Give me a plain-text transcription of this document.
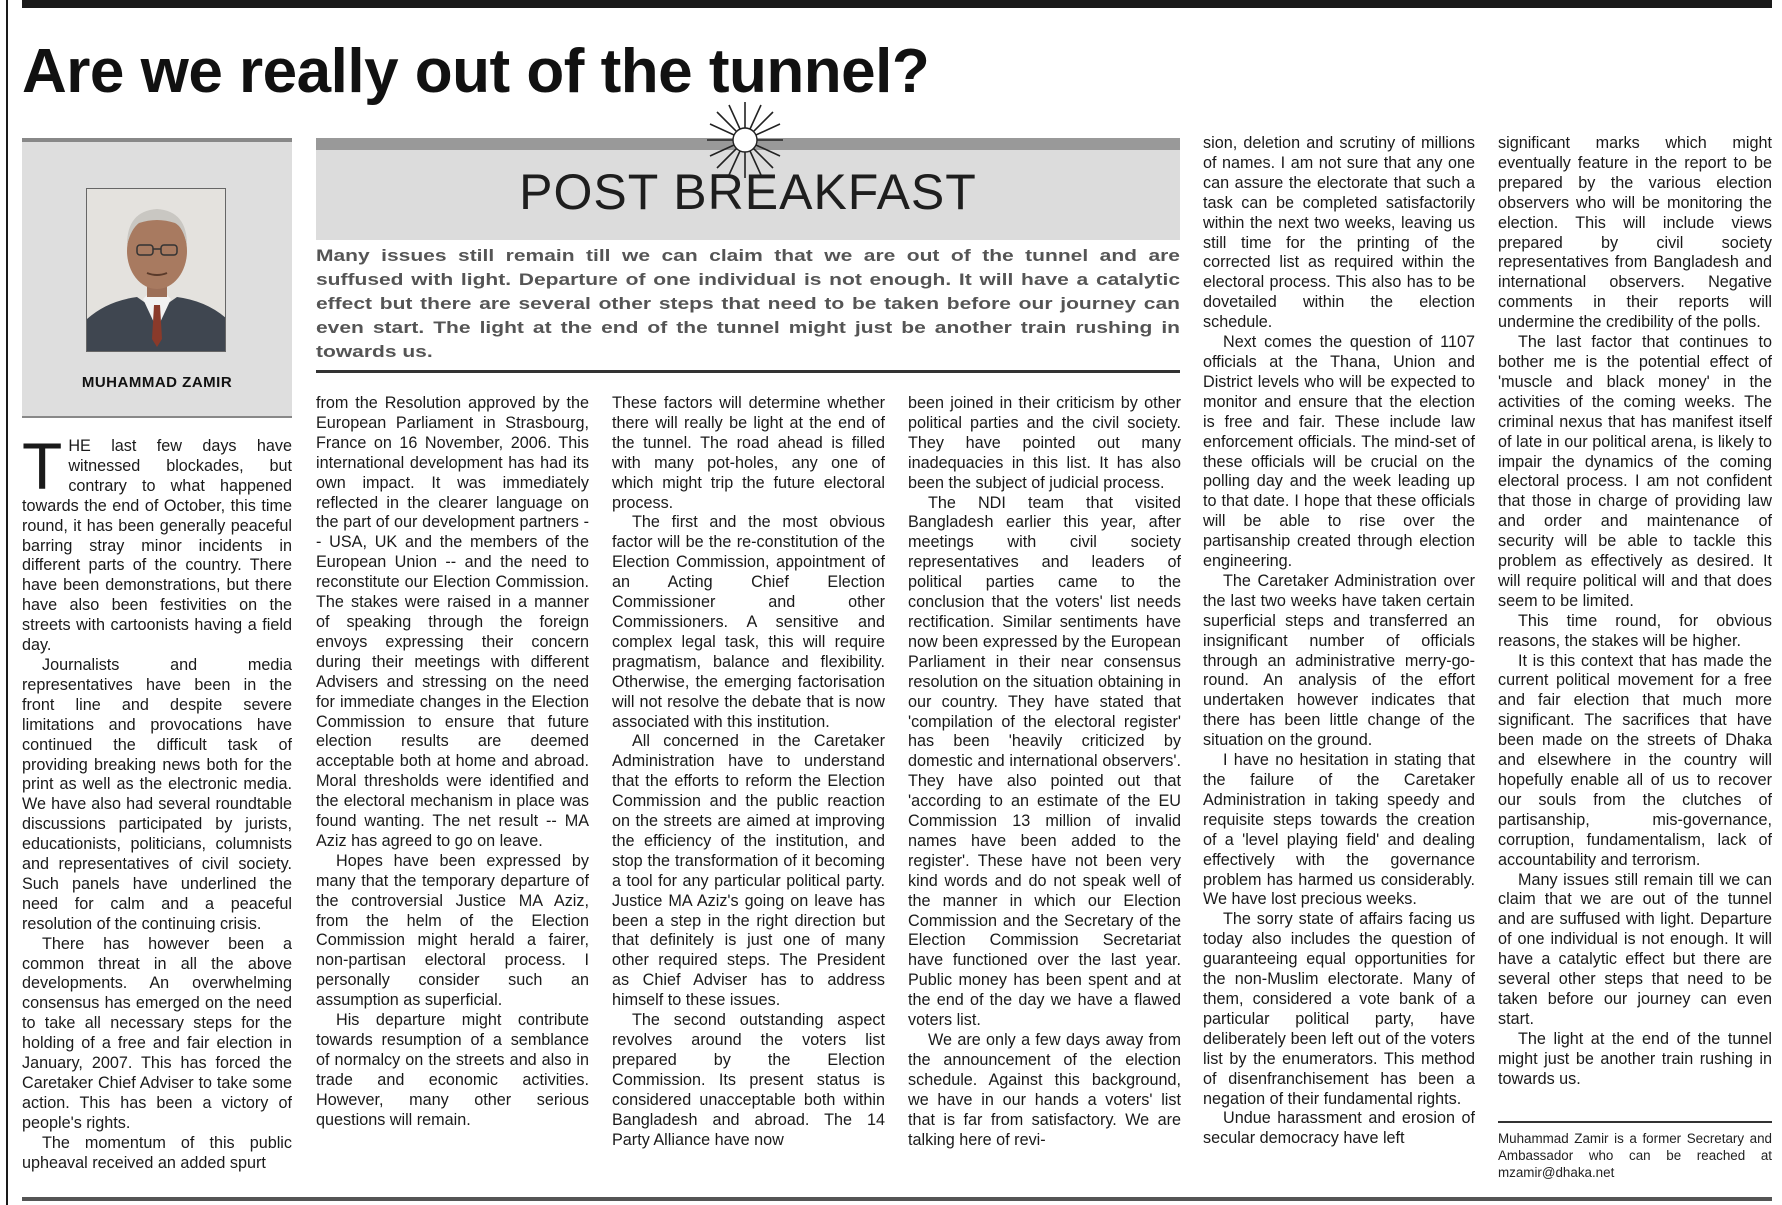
Are we really out of the tunnel?
MUHAMMAD ZAMIR
POST BREAKFAST
Many issues still remain till we can claim that we are out of the tunnel and are suffused with light. Departure of one individual is not enough. It will have a catalytic effect but there are several other steps that need to be taken before our journey can even start. The light at the end of the tunnel might just be another train rushing in towards us.

THE last few days have witnessed blockades, but contrary to what happened towards the end of October, this time round, it has been generally peaceful barring stray minor incidents in different parts of the country. There have been demonstrations, but there have also been festivities on the streets with cartoonists having a field day.

Journalists and media representatives have been in the front line and despite severe limitations and provocations have continued the difficult task of providing breaking news both for the print as well as the electronic media. We have also had several roundtable discussions participated by jurists, educationists, politicians, columnists and representatives of civil society. Such panels have underlined the need for calm and a peaceful resolution of the continuing crisis.

There has however been a common threat in all the above developments. An overwhelming consensus has emerged on the need to take all necessary steps for the holding of a free and fair election in January, 2007. This has forced the Caretaker Chief Adviser to take some action. This has been a victory of people's rights.

The momentum of this public upheaval received an added spurt

from the Resolution approved by the European Parliament in Strasbourg, France on 16 November, 2006. This international development has had its own impact. It was immediately reflected in the clearer language on the part of our development partners -- USA, UK and the members of the European Union -- and the need to reconstitute our Election Commission. The stakes were raised in a manner of speaking through the foreign envoys expressing their concern during their meetings with different Advisers and stressing on the need for immediate changes in the Election Commission to ensure that future election results are deemed acceptable both at home and abroad. Moral thresholds were identified and the electoral mechanism in place was found wanting. The net result -- MA Aziz has agreed to go on leave.

Hopes have been expressed by many that the temporary departure of the controversial Justice MA Aziz, from the helm of the Election Commission might herald a fairer, non-partisan electoral process. I personally consider such an assumption as superficial.

His departure might contribute towards resumption of a semblance of normalcy on the streets and also in trade and economic activities. However, many other serious questions will remain.

These factors will determine whether there will really be light at the end of the tunnel. The road ahead is filled with many pot-holes, any one of which might trip the future electoral process.

The first and the most obvious factor will be the re-constitution of the Election Commission, appointment of an Acting Chief Election Commissioner and other Commissioners. A sensitive and complex legal task, this will require pragmatism, balance and flexibility. Otherwise, the emerging factorisation will not resolve the debate that is now associated with this institution.

All concerned in the Caretaker Administration have to understand that the efforts to reform the Election Commission and the public reaction on the streets are aimed at improving the efficiency of the institution, and stop the transformation of it becoming a tool for any particular political party. Justice MA Aziz's going on leave has been a step in the right direction but that definitely is just one of many other required steps. The President as Chief Adviser has to address himself to these issues.

The second outstanding aspect revolves around the voters list prepared by the Election Commission. Its present status is considered unacceptable both within Bangladesh and abroad. The 14 Party Alliance have now

been joined in their criticism by other political parties and the civil society. They have pointed out many inadequacies in this list. It has also been the subject of judicial process.

The NDI team that visited Bangladesh earlier this year, after meetings with civil society representatives and leaders of political parties came to the conclusion that the voters' list needs rectification. Similar sentiments have now been expressed by the European Parliament in their near consensus resolution on the situation obtaining in our country. They have stated that 'compilation of the electoral register' has been 'heavily criticized by domestic and international observers'. They have also pointed out that 'according to an estimate of the EU Commission 13 million of invalid names have been added to the register'. These have not been very kind words and do not speak well of the manner in which our Election Commission and the Secretary of the Election Commission Secretariat have functioned over the last year. Public money has been spent and at the end of the day we have a flawed voters list.

We are only a few days away from the announcement of the election schedule. Against this background, we have in our hands a voters' list that is far from satisfactory. We are talking here of revi-

sion, deletion and scrutiny of millions of names. I am not sure that any one can assure the electorate that such a task can be completed satisfactorily within the next two weeks, leaving us still time for the printing of the corrected list as required within the electoral process. This also has to be dovetailed within the election schedule.

Next comes the question of 1107 officials at the Thana, Union and District levels who will be expected to monitor and ensure that the election is free and fair. These include law enforcement officials. The mind-set of these officials will be crucial on the polling day and the week leading up to that date. I hope that these officials will be able to rise over the partisanship created through election engineering.

The Caretaker Administration over the last two weeks have taken certain superficial steps and transferred an insignificant number of officials through an administrative merry-go-round. An analysis of the effort undertaken however indicates that there has been little change of the situation on the ground.

I have no hesitation in stating that the failure of the Caretaker Administration in taking speedy and requisite steps towards the creation of a 'level playing field' and dealing effectively with the governance problem has harmed us considerably. We have lost precious weeks.

The sorry state of affairs facing us today also includes the question of guaranteeing equal opportunities for the non-Muslim electorate. Many of them, considered a vote bank of a particular political party, have deliberately been left out of the voters list by the enumerators. This method of disenfranchisement has been a negation of their fundamental rights.

Undue harassment and erosion of secular democracy have left

significant marks which might eventually feature in the report to be prepared by the various election observers who will be monitoring the election. This will include views prepared by civil society representatives from Bangladesh and international observers. Negative comments in their reports will undermine the credibility of the polls.

The last factor that continues to bother me is the potential effect of 'muscle and black money' in the activities of the coming weeks. The criminal nexus that has manifest itself of late in our political arena, is likely to impair the dynamics of the coming electoral process. I am not confident that those in charge of providing law and order and maintenance of security will be able to tackle this problem as effectively as desired. It will require political will and that does seem to be limited.

This time round, for obvious reasons, the stakes will be higher.

It is this context that has made the current political movement for a free and fair election that much more significant. The sacrifices that have been made on the streets of Dhaka and elsewhere in the country will hopefully enable all of us to recover our souls from the clutches of partisanship, mis-governance, corruption, fundamentalism, lack of accountability and terrorism.

Many issues still remain till we can claim that we are out of the tunnel and are suffused with light. Departure of one individual is not enough. It will have a catalytic effect but there are several other steps that need to be taken before our journey can even start.

The light at the end of the tunnel might just be another train rushing in towards us.

Muhammad Zamir is a former Secretary and Ambassador who can be reached at mzamir@dhaka.net
